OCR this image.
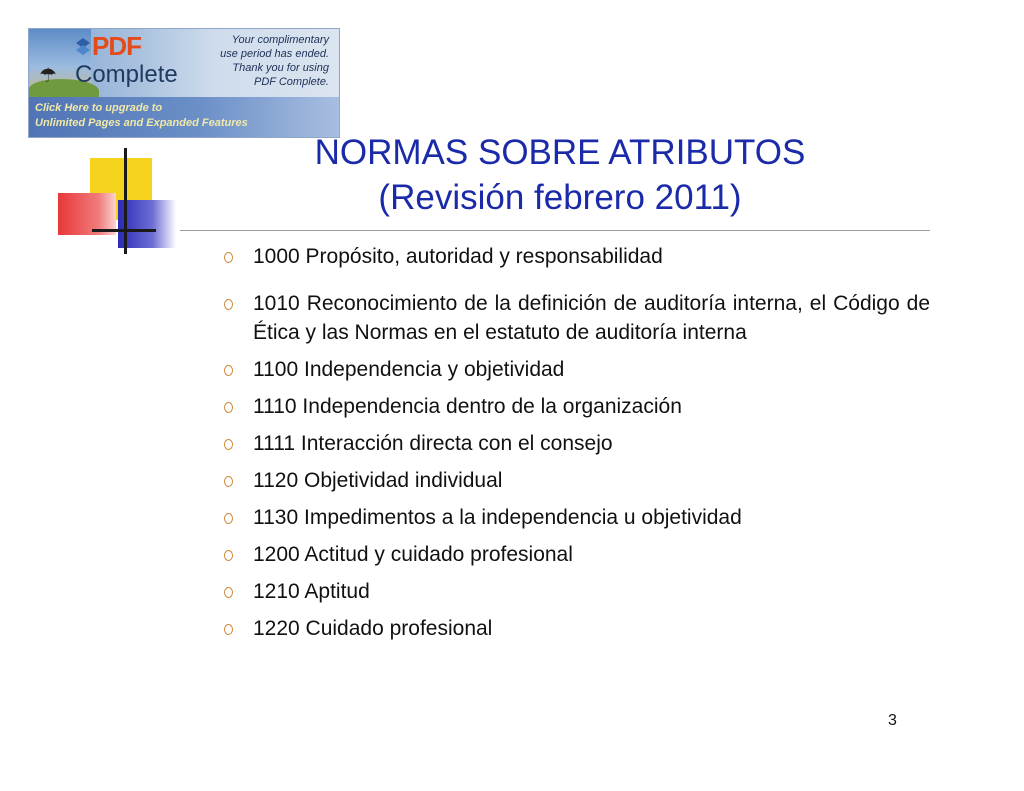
☂
PDF
Complete
Your complimentary
use period has ended.
Thank you for using
PDF Complete.
Click Here to upgrade to
Unlimited Pages and Expanded Features
NORMAS SOBRE ATRIBUTOS
(Revisión febrero 2011)
1000 Propósito, autoridad y responsabilidad
1010 Reconocimiento de la definición de auditoría interna, el Código de Ética y las Normas en el estatuto de auditoría interna
1100 Independencia y objetividad
1110 Independencia dentro de la organización
1111 Interacción directa con el consejo
1120 Objetividad individual
1130 Impedimentos a la independencia u objetividad
1200 Actitud y cuidado profesional
1210 Aptitud
1220 Cuidado profesional
3
